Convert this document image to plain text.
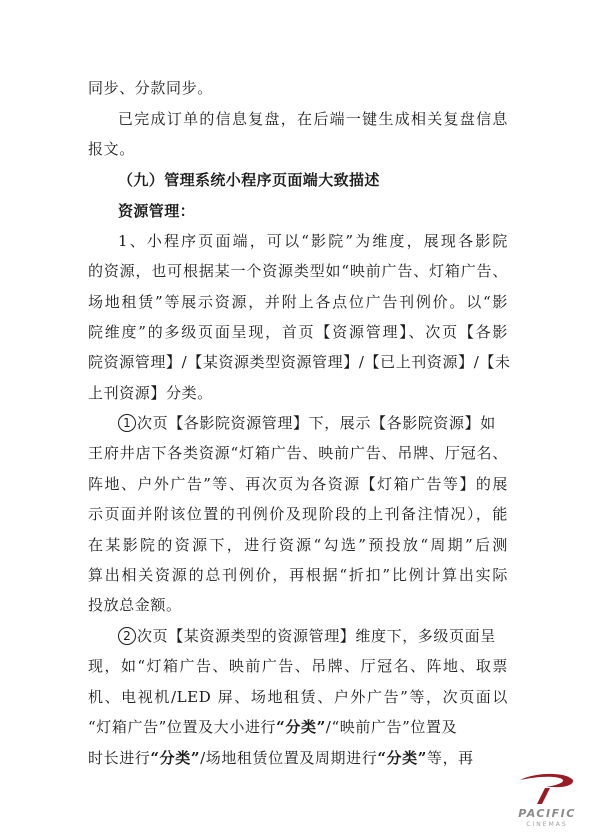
同步、分款同步。
已完成订单的信息复盘，在后端一键生成相关复盘信息
报文。
（九）管理系统小程序页面端大致描述
资源管理：
1、小程序页面端，可以“影院”为维度，展现各影院
的资源，也可根据某一个资源类型如“映前广告、灯箱广告、
场地租赁”等展示资源，并附上各点位广告刊例价。以“影
院维度”的多级页面呈现，首页【资源管理】、次页【各影
院资源管理】/【某资源类型资源管理】/【已上刊资源】/【未
上刊资源】分类。
1 次页【各影院资源管理】下，展示【各影院资源】如
王府井店下各类资源“灯箱广告、映前广告、吊牌、厅冠名、
阵地、户外广告”等、再次页为各资源【灯箱广告等】的展
示页面并附该位置的刊例价及现阶段的上刊备注情况），能
在某影院的资源下，进行资源“勾选”预投放“周期”后测
算出相关资源的总刊例价，再根据“折扣”比例计算出实际
投放总金额。
2 次页【某资源类型的资源管理】维度下，多级页面呈
现，如“灯箱广告、映前广告、吊牌、厅冠名、阵地、取票
机、电视机/LED 屏、场地租赁、户外广告”等，次页面以
“灯箱广告”位置及大小进行“分类”/“映前广告”位置及
时长进行“分类”/场地租赁位置及周期进行“分类”等，再
PACIFIC
CINEMAS
